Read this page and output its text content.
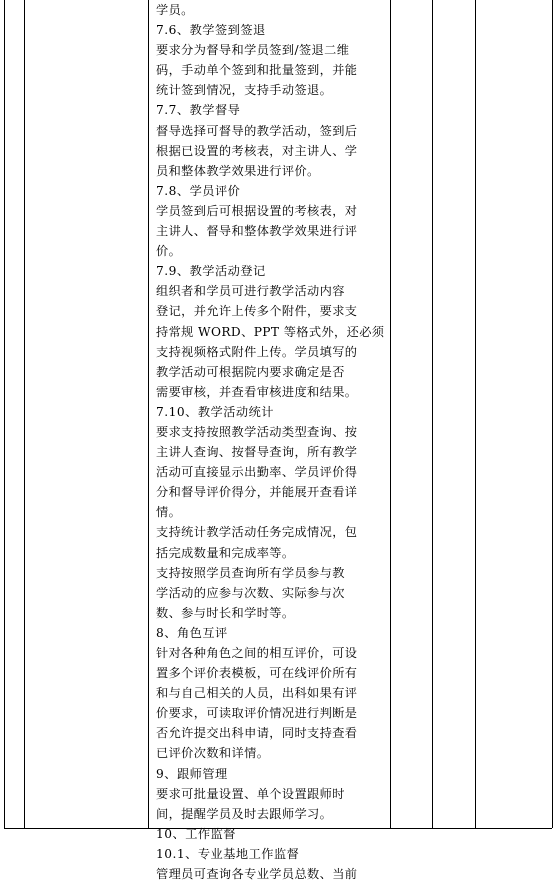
学员。
7.6、教学签到签退
要求分为督导和学员签到/签退二维
码，手动单个签到和批量签到，并能
统计签到情况，支持手动签退。
7.7、教学督导
督导选择可督导的教学活动，签到后
根据已设置的考核表，对主讲人、学
员和整体教学效果进行评价。
7.8、学员评价
学员签到后可根据设置的考核表，对
主讲人、督导和整体教学效果进行评
价。
7.9、教学活动登记
组织者和学员可进行教学活动内容
登记，并允许上传多个附件，要求支
持常规 WORD、PPT 等格式外，还必须
支持视频格式附件上传。学员填写的
教学活动可根据院内要求确定是否
需要审核，并查看审核进度和结果。
7.10、教学活动统计
要求支持按照教学活动类型查询、按
主讲人查询、按督导查询，所有教学
活动可直接显示出勤率、学员评价得
分和督导评价得分，并能展开查看详
情。
支持统计教学活动任务完成情况，包
括完成数量和完成率等。
支持按照学员查询所有学员参与教
学活动的应参与次数、实际参与次
数、参与时长和学时等。
8、角色互评
针对各种角色之间的相互评价，可设
置多个评价表模板，可在线评价所有
和与自己相关的人员，出科如果有评
价要求，可读取评价情况进行判断是
否允许提交出科申请，同时支持查看
已评价次数和详情。
9、跟师管理
要求可批量设置、单个设置跟师时
间，提醒学员及时去跟师学习。
10、工作监督
10.1、专业基地工作监督
管理员可查询各专业学员总数、当前
